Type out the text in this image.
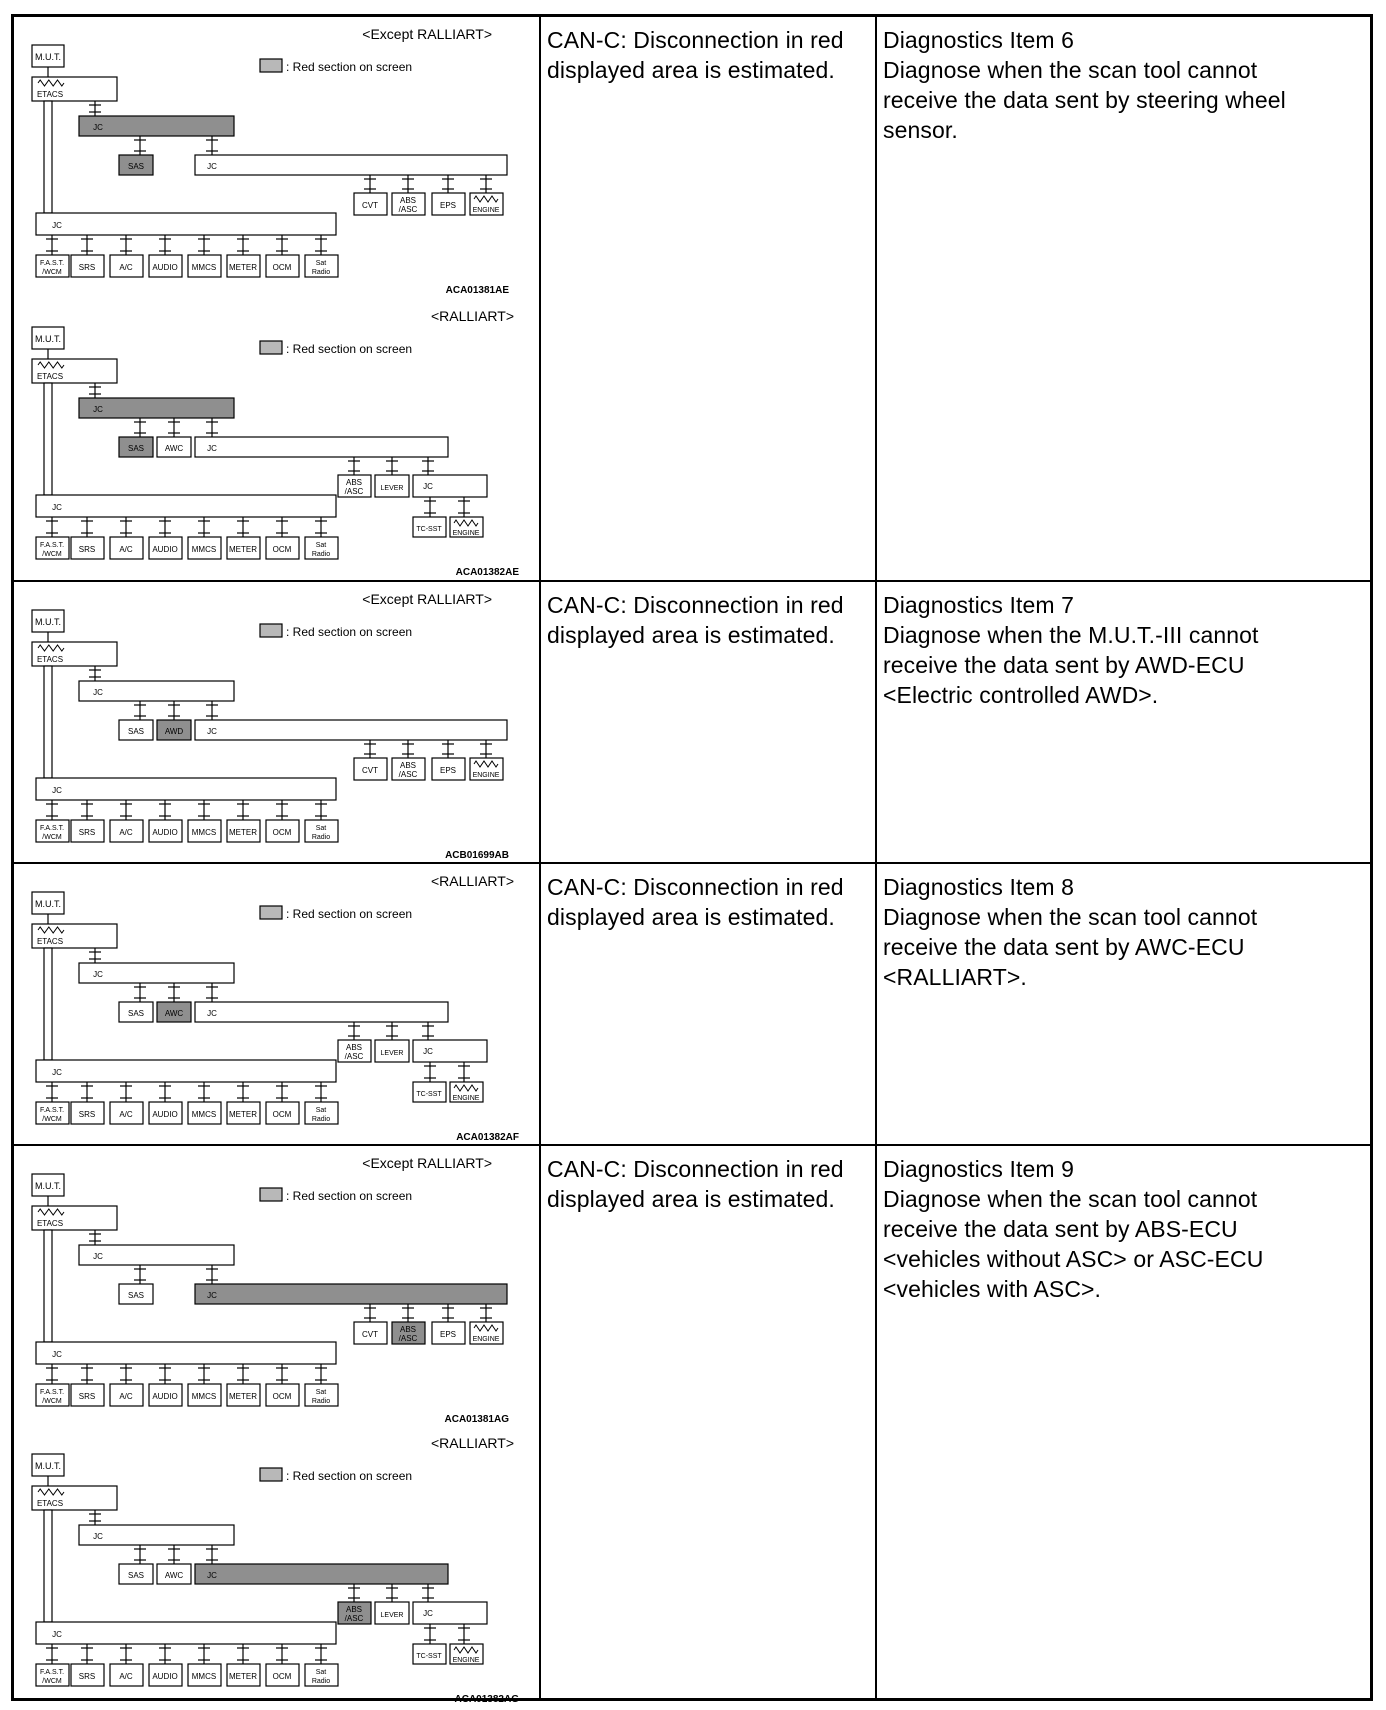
<Except RALLIART>
: Red section on screen
M.U.T.
ETACS
JC
SAS	JC
CVT
ABS
/ASC	EPS
ENGINE
JC
F.A.S.T.
/WCM
SRS	A/C AUDIO MMCS METER OCM	Sat
Radio
ACA01381AE
<RALLIART>
: Red section on screen
M.U.T.
ETACS
JC
SAS	AWC	JC
ABS
/ASC LEVER JC
TC-SST
ENGINE
JC
F.A.S.T.
/WCM
SRS	A/C AUDIO MMCS METER OCM	Sat
Radio
ACA01382AE
CAN-C: Disconnection in red
displayed area is estimated.
Diagnostics Item 6
Diagnose when the scan tool cannot
receive the data sent by steering wheel
sensor.
<Except RALLIART>
: Red section on screen
M.U.T.
ETACS
JC
SAS	AWD	JC
CVT
ABS
/ASC	EPS
ENGINE
JC
F.A.S.T.
/WCM
SRS	A/C AUDIO MMCS METER OCM	Sat
Radio
ACB01699AB
CAN-C: Disconnection in red
displayed area is estimated.
Diagnostics Item 7
Diagnose when the M.U.T.-III cannot
receive the data sent by AWD-ECU
<Electric controlled AWD>.
<RALLIART>
: Red section on screen
M.U.T.
ETACS
JC
SAS	AWC	JC
ABS
/ASC LEVER JC
TC-SST
ENGINE
JC
F.A.S.T.
/WCM
SRS	A/C AUDIO MMCS METER OCM	Sat
Radio
ACA01382AF
CAN-C: Disconnection in red
displayed area is estimated.
Diagnostics Item 8
Diagnose when the scan tool cannot
receive the data sent by AWC-ECU
<RALLIART>.
<Except RALLIART>
: Red section on screen
M.U.T.
ETACS
JC
SAS	JC
CVT
ABS
/ASC	EPS
ENGINE
JC
F.A.S.T.
/WCM
SRS	A/C AUDIO MMCS METER OCM	Sat
Radio
ACA01381AG
<RALLIART>
: Red section on screen
M.U.T.
ETACS
JC
SAS	AWC	JC
ABS
/ASC LEVER JC
TC-SST
ENGINE
JC
F.A.S.T.
/WCM
SRS	A/C AUDIO MMCS METER OCM	Sat
Radio
ACA01382AG
CAN-C: Disconnection in red
displayed area is estimated.
Diagnostics Item 9
Diagnose when the scan tool cannot
receive the data sent by ABS-ECU
<vehicles without ASC> or ASC-ECU
<vehicles with ASC>.
